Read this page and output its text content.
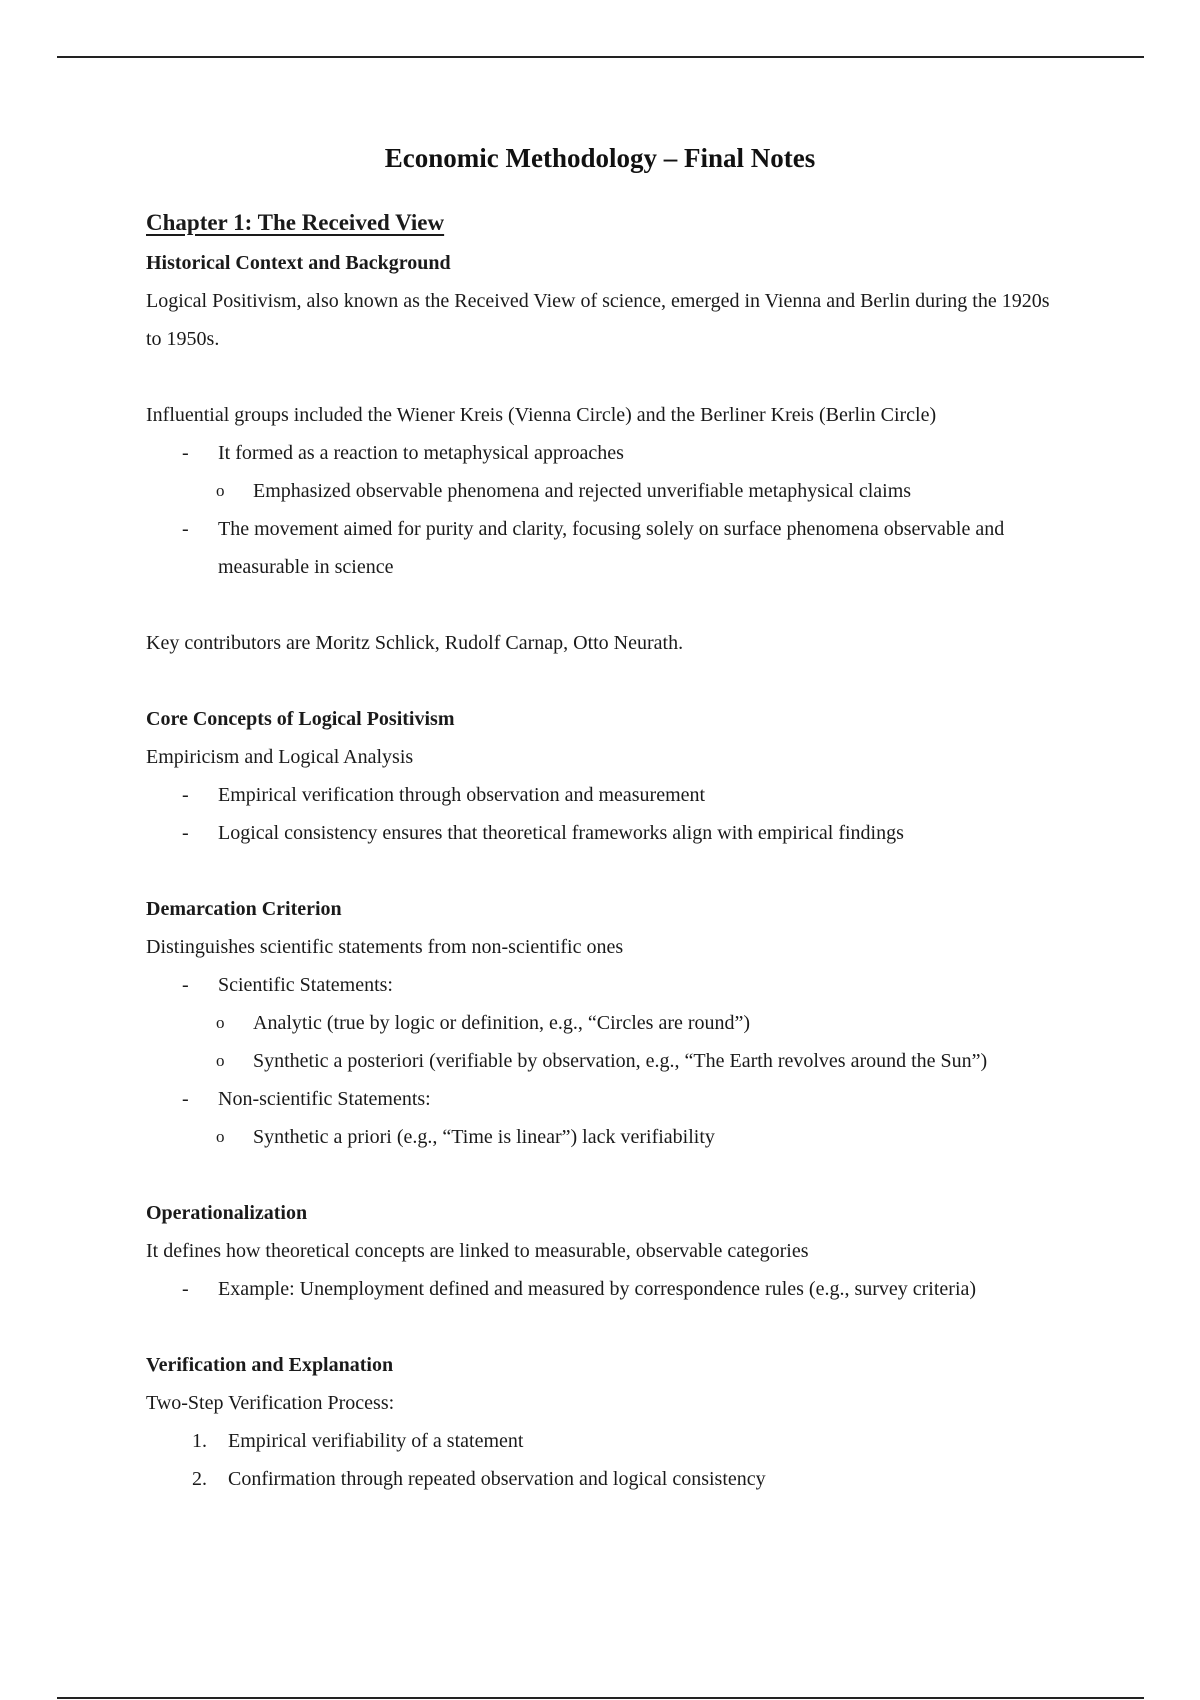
Economic Methodology – Final Notes
Chapter 1: The Received View
Historical Context and Background
Logical Positivism, also known as the Received View of science, emerged in Vienna and Berlin during the 1920s to 1950s.
Influential groups included the Wiener Kreis (Vienna Circle) and the Berliner Kreis (Berlin Circle)
- It formed as a reaction to metaphysical approaches
o Emphasized observable phenomena and rejected unverifiable metaphysical claims
- The movement aimed for purity and clarity, focusing solely on surface phenomena observable and measurable in science
Key contributors are Moritz Schlick, Rudolf Carnap, Otto Neurath.
Core Concepts of Logical Positivism
Empiricism and Logical Analysis
- Empirical verification through observation and measurement
- Logical consistency ensures that theoretical frameworks align with empirical findings
Demarcation Criterion
Distinguishes scientific statements from non-scientific ones
- Scientific Statements:
o Analytic (true by logic or definition, e.g., “Circles are round”)
o Synthetic a posteriori (verifiable by observation, e.g., “The Earth revolves around the Sun”)
- Non-scientific Statements:
o Synthetic a priori (e.g., “Time is linear”) lack verifiability
Operationalization
It defines how theoretical concepts are linked to measurable, observable categories
- Example: Unemployment defined and measured by correspondence rules (e.g., survey criteria)
Verification and Explanation
Two-Step Verification Process:
1. Empirical verifiability of a statement
2. Confirmation through repeated observation and logical consistency
